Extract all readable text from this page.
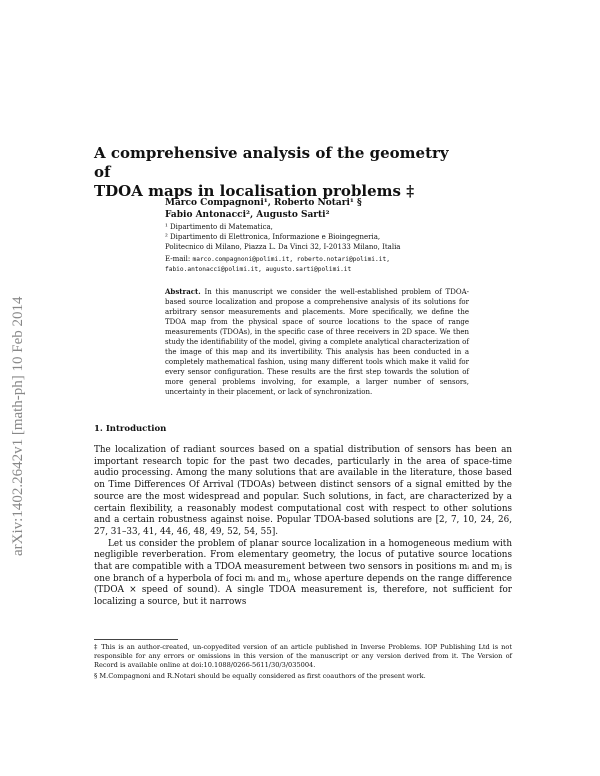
arXiv:1402.2642v1 [math-ph] 10 Feb 2014
A comprehensive analysis of the geometry of
TDOA maps in localisation problems ‡
Marco Compagnoni¹, Roberto Notari¹ §
Fabio Antonacci², Augusto Sarti²
¹ Dipartimento di Matematica,
² Dipartimento di Elettronica, Informazione e Bioingegneria,
Politecnico di Milano, Piazza L. Da Vinci 32, I-20133 Milano, Italia
E-mail: marco.compagnoni@polimi.it, roberto.notari@polimi.it,
fabio.antonacci@polimi.it, augusto.sarti@polimi.it
Abstract. In this manuscript we consider the well-established problem of TDOA-based source localization and propose a comprehensive analysis of its solutions for arbitrary sensor measurements and placements. More specifically, we define the TDOA map from the physical space of source locations to the space of range measurements (TDOAs), in the specific case of three receivers in 2D space. We then study the identifiability of the model, giving a complete analytical characterization of the image of this map and its invertibility. This analysis has been conducted in a completely mathematical fashion, using many different tools which make it valid for every sensor configuration. These results are the first step towards the solution of more general problems involving, for example, a larger number of sensors, uncertainty in their placement, or lack of synchronization.
1. Introduction

The localization of radiant sources based on a spatial distribution of sensors has been an important research topic for the past two decades, particularly in the area of space-time audio processing. Among the many solutions that are available in the literature, those based on Time Differences Of Arrival (TDOAs) between distinct sensors of a signal emitted by the source are the most widespread and popular. Such solutions, in fact, are characterized by a certain flexibility, a reasonably modest computational cost with respect to other solutions and a certain robustness against noise. Popular TDOA-based solutions are [2, 7, 10, 24, 26, 27, 31–33, 41, 44, 46, 48, 49, 52, 54, 55].

Let us consider the problem of planar source localization in a homogeneous medium with negligible reverberation. From elementary geometry, the locus of putative source locations that are compatible with a TDOA measurement between two sensors in positions mᵢ and mⱼ is one branch of a hyperbola of foci mᵢ and mⱼ, whose aperture depends on the range difference (TDOA × speed of sound). A single TDOA measurement is, therefore, not sufficient for localizing a source, but it narrows

‡ This is an author-created, un-copyedited version of an article published in Inverse Problems. IOP Publishing Ltd is not responsible for any errors or omissions in this version of the manuscript or any version derived from it. The Version of Record is available online at doi:10.1088/0266-5611/30/3/035004.

§ M.Compagnoni and R.Notari should be equally considered as first coauthors of the present work.
